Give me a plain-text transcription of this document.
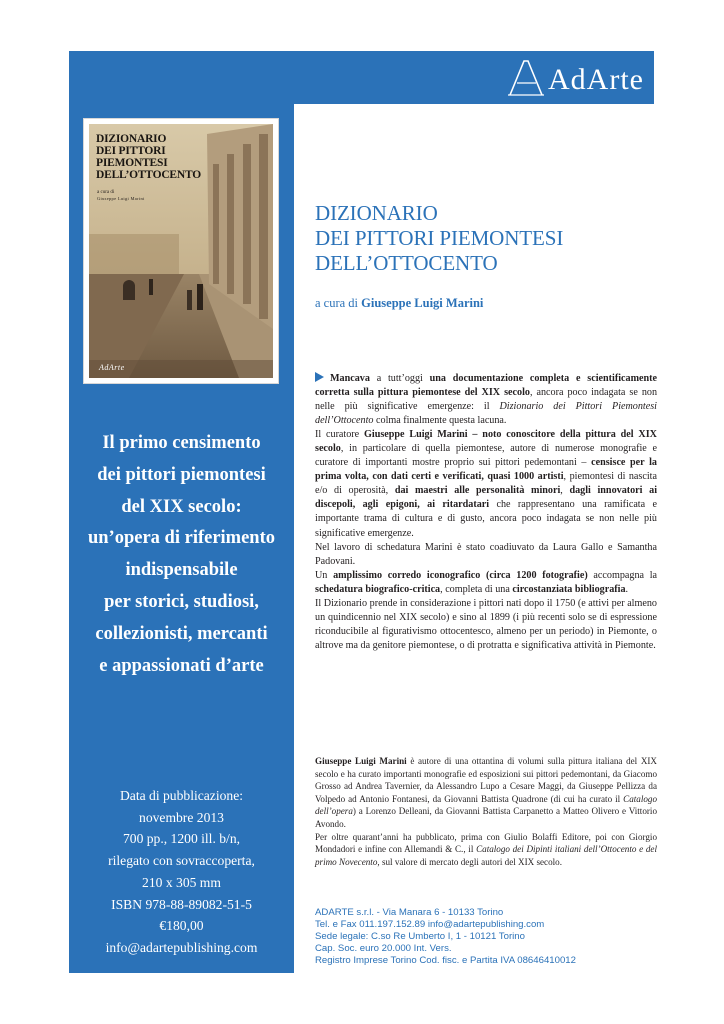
AdArte
DIZIONARIO
DEI PITTORI
PIEMONTESI
DELL’OTTOCENTO
a cura di
Giuseppe Luigi Marini
AdArte
Il primo censimento
dei pittori piemontesi
del XIX secolo:
un’opera di riferimento
indispensabile
per storici, studiosi,
collezionisti, mercanti
e appassionati d’arte
Data di pubblicazione:
novembre 2013
700 pp., 1200 ill. b/n,
rilegato con sovraccoperta,
210 x 305 mm
ISBN 978-88-89082-51-5
€180,00
info@adartepublishing.com
DIZIONARIO
DEI PITTORI PIEMONTESI
DELL’OTTOCENTO
a cura di Giuseppe Luigi Marini

Mancava a tutt’oggi una documentazione completa e scientificamente corretta sulla pittura piemontese del XIX secolo, ancora poco indagata se non nelle più significative emergenze: il Dizionario dei Pittori Piemontesi dell’Ottocento colma finalmente questa lacuna.

Il curatore Giuseppe Luigi Marini – noto conoscitore della pittura del XIX secolo, in particolare di quella piemontese, autore di numerose monografie e curatore di importanti mostre proprio sui pittori pedemontani – censisce per la prima volta, con dati certi e verificati, quasi 1000 artisti, piemontesi di nascita e/o di operosità, dai maestri alle personalità minori, dagli innovatori ai discepoli, agli epigoni, ai ritardatari che rappresentano una ramificata e importante trama di cultura e di gusto, ancora poco indagata se non nelle più significative emergenze.

Nel lavoro di schedatura Marini è stato coadiuvato da Laura Gallo e Samantha Padovani.

Un amplissimo corredo iconografico (circa 1200 fotografie) accompagna la schedatura biografico-critica, completa di una circostanziata bibliografia.

Il Dizionario prende in considerazione i pittori nati dopo il 1750 (e attivi per almeno un quindicennio nel XIX secolo) e sino al 1899 (i più recenti solo se di espressione riconducibile al figurativismo ottocentesco, almeno per un periodo) in Piemonte, o altrove ma da genitore piemontese, o di protratta e significativa attività in Piemonte.

Giuseppe Luigi Marini è autore di una ottantina di volumi sulla pittura italiana del XIX secolo e ha curato importanti monografie ed esposizioni sui pittori pedemontani, da Giacomo Grosso ad Andrea Tavernier, da Alessandro Lupo a Cesare Maggi, da Giuseppe Pellizza da Volpedo ad Antonio Fontanesi, da Giovanni Battista Quadrone (di cui ha curato il Catalogo dell’opera) a Lorenzo Delleani, da Giovanni Battista Carpanetto a Matteo Olivero e Vittorio Avondo.

Per oltre quarant’anni ha pubblicato, prima con Giulio Bolaffi Editore, poi con Giorgio Mondadori e infine con Allemandi & C., il Catalogo dei Dipinti italiani dell’Ottocento e del primo Novecento, sul valore di mercato degli autori del XIX secolo.

ADARTE s.r.l. - Via Manara 6 - 10133 Torino
Tel. e Fax 011.197.152.89 info@adartepublishing.com
Sede legale: C.so Re Umberto I, 1 - 10121 Torino
Cap. Soc. euro 20.000 Int. Vers.
Registro Imprese Torino Cod. fisc. e Partita IVA 08646410012
